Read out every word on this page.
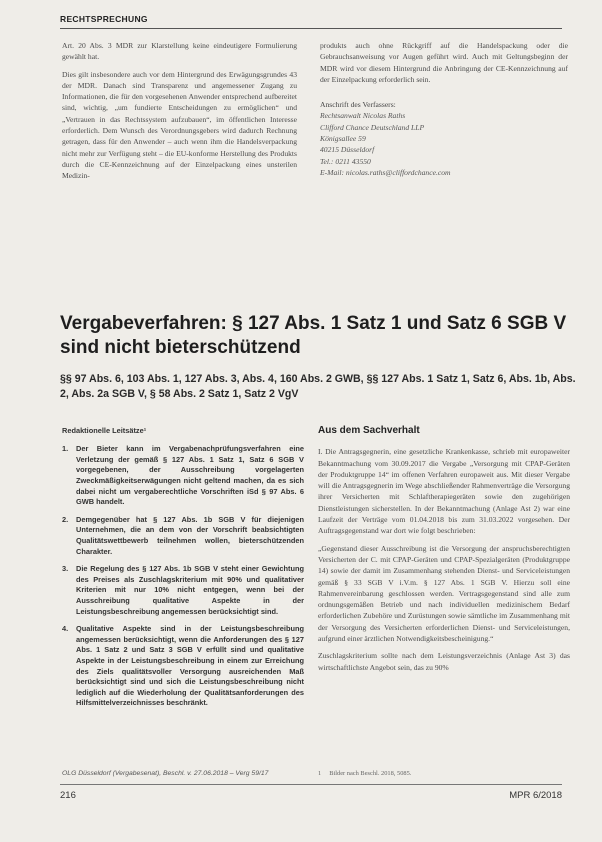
RECHTSPRECHUNG

Art. 20 Abs. 3 MDR zur Klarstellung keine eindeutigere Formulierung gewählt hat.

Dies gilt insbesondere auch vor dem Hintergrund des Erwägungsgrundes 43 der MDR. Danach sind Transparenz und angemessener Zugang zu Informationen, die für den vorgesehenen Anwender entsprechend aufbereitet sind, wichtig, „um fundierte Entscheidungen zu ermöglichen“ und „Vertrauen in das Rechtssystem aufzubauen“, im öffentlichen Interesse erforderlich. Dem Wunsch des Verordnungsgebers wird dadurch Rechnung getragen, dass für den Anwender – auch wenn ihm die Handelsverpackung nicht mehr zur Verfügung steht – die EU-konforme Herstellung des Produkts durch die CE-Kennzeichnung auf der Einzelpackung eines unsterilen Medizin-

produkts auch ohne Rückgriff auf die Handelspackung oder die Gebrauchsanweisung vor Augen geführt wird. Auch mit Geltungsbeginn der MDR wird vor diesem Hintergrund die Anbringung der CE-Kennzeichnung auf der Einzelpackung erforderlich sein.

Anschrift des Verfassers:
Rechtsanwalt Nicolas Raths
Clifford Chance Deutschland LLP
Königsallee 59
40215 Düsseldorf
Tel.: 0211 43550
E-Mail: nicolas.raths@cliffordchance.com
Vergabeverfahren: § 127 Abs. 1 Satz 1 und Satz 6 SGB V sind nicht bieterschützend
§§ 97 Abs. 6, 103 Abs. 1, 127 Abs. 3, Abs. 4, 160 Abs. 2 GWB, §§ 127 Abs. 1 Satz 1, Satz 6, Abs. 1b, Abs. 2, Abs. 2a SGB V, § 58 Abs. 2 Satz 1, Satz 2 VgV
Redaktionelle Leitsätze¹
1. Der Bieter kann im Vergabenachprüfungsverfahren eine Verletzung der gemäß § 127 Abs. 1 Satz 1, Satz 6 SGB V vorgegebenen, der Ausschreibung vorgelagerten Zweckmäßigkeitserwägungen nicht geltend machen, da es sich dabei nicht um vergaberechtliche Vorschriften iSd § 97 Abs. 6 GWB handelt.
2. Demgegenüber hat § 127 Abs. 1b SGB V für diejenigen Unternehmen, die an dem von der Vorschrift beabsichtigten Qualitätswettbewerb teilnehmen wollen, bieterschützenden Charakter.
3. Die Regelung des § 127 Abs. 1b SGB V steht einer Gewichtung des Preises als Zuschlagskriterium mit 90% und qualitativer Kriterien mit nur 10% nicht entgegen, wenn bei der Ausschreibung qualitative Aspekte in der Leistungsbeschreibung angemessen berücksichtigt sind.
4. Qualitative Aspekte sind in der Leistungsbeschreibung angemessen berücksichtigt, wenn die Anforderungen des § 127 Abs. 1 Satz 2 und Satz 3 SGB V erfüllt sind und qualitative Aspekte in der Leistungsbeschreibung in einem zur Erreichung des Ziels qualitätsvoller Versorgung ausreichenden Maß berücksichtigt sind und sich die Leistungsbeschreibung nicht lediglich auf die Wiederholung der Qualitätsanforderungen des Hilfsmittelverzeichnisses beschränkt.
Aus dem Sachverhalt

I. Die Antragsgegnerin, eine gesetzliche Krankenkasse, schrieb mit europaweiter Bekanntmachung vom 30.09.2017 die Vergabe „Versorgung mit CPAP-Geräten der Produktgruppe 14“ im offenen Verfahren europaweit aus. Mit dieser Vergabe will die Antragsgegnerin im Wege abschließender Rahmenverträge die Versorgung ihrer Versicherten mit Schlaftherapiegeräten sowie den zugehörigen Dienstleistungen sicherstellen. In der Bekanntmachung (Anlage Ast 2) war eine Laufzeit der Verträge vom 01.04.2018 bis zum 31.03.2022 vorgesehen. Der Auftragsgegenstand war dort wie folgt beschrieben:

„Gegenstand dieser Ausschreibung ist die Versorgung der anspruchsberechtigten Versicherten der C. mit CPAP-Geräten und CPAP-Spezialgeräten (Produktgruppe 14) sowie der damit im Zusammenhang stehenden Dienst- und Serviceleistungen gemäß § 33 SGB V i.V.m. § 127 Abs. 1 SGB V. Hierzu soll eine Rahmenvereinbarung geschlossen werden. Vertragsgegenstand sind alle zum ordnungsgemäßen Betrieb und nach individuellen medizinischem Bedarf erforderlichen Zubehöre und Zurüstungen sowie sämtliche im Zusammenhang mit der Versorgung des Versicherten erforderlichen Dienst- und Serviceleistungen, aufgrund einer ärztlichen Notwendigkeitsbescheinigung.“

Zuschlagskriterium sollte nach dem Leistungsverzeichnis (Anlage Ast 3) das wirtschaftlichste Angebot sein, das zu 90%

OLG Düsseldorf (Vergabesenat), Beschl. v. 27.06.2018 – Verg 59/17	1 Bilder nach Beschl. 2018, 5085.
216	MPR 6/2018
